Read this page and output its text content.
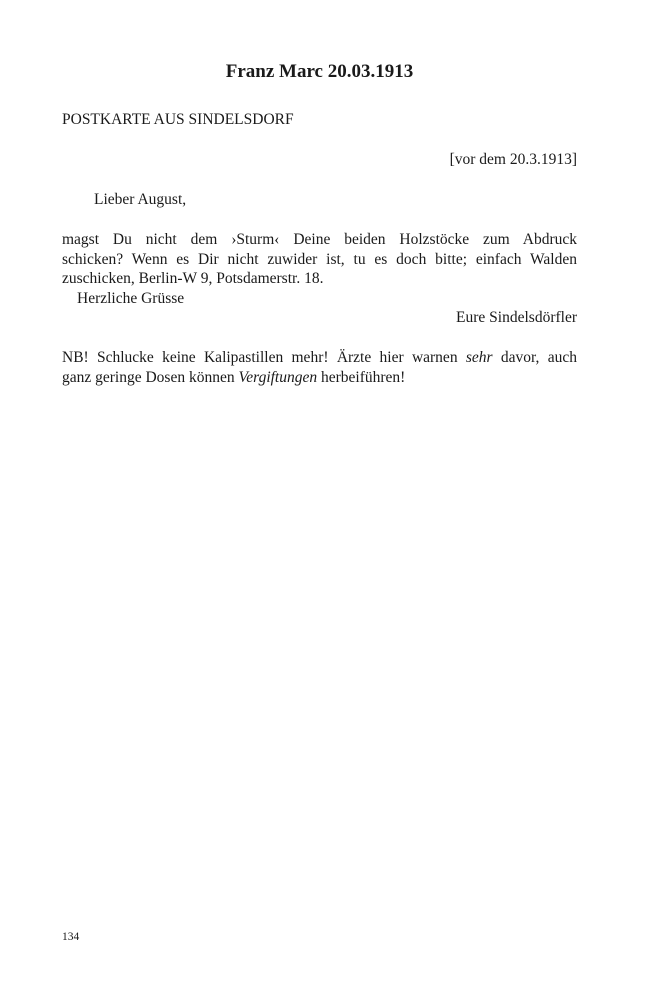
Franz Marc 20.03.1913
POSTKARTE AUS SINDELSDORF
[vor dem 20.3.1913]
Lieber August,
magst Du nicht dem ›Sturm‹ Deine beiden Holzstöcke zum Abdruck
schicken? Wenn es Dir nicht zuwider ist, tu es doch bitte; einfach Walden
zuschicken, Berlin-W 9, Potsdamerstr. 18.
Herzliche Grüsse
Eure Sindelsdörfler
NB! Schlucke keine Kalipastillen mehr! Ärzte hier warnen sehr davor, auch
ganz geringe Dosen können Vergiftungen herbeiführen!
134
